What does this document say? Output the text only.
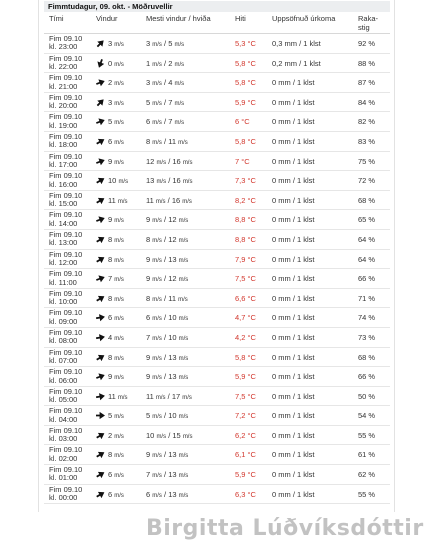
Fimmtudagur, 09. okt. - Möðruvellir
Tími	Vindur	Mesti vindur / hviða	Hiti	Uppsöfnuð úrkoma	Raka-stig
Fim 09.10
kl. 23:00	3 m/s	3 m/s / 5 m/s	5,3 °C 0,3 mm / 1 klst	92 %
Fim 09.10
kl. 22:00	0 m/s	1 m/s / 2 m/s	5,8 °C 0,2 mm / 1 klst	88 %
Fim 09.10
kl. 21:00	2 m/s	3 m/s / 4 m/s	5,8 °C 0 mm / 1 klst	87 %
Fim 09.10
kl. 20:00	3 m/s	5 m/s / 7 m/s	5,9 °C 0 mm / 1 klst	84 %
Fim 09.10
kl. 19:00	5 m/s	6 m/s / 7 m/s	6 °C	0 mm / 1 klst	82 %
Fim 09.10
kl. 18:00	6 m/s	8 m/s / 11 m/s	5,8 °C 0 mm / 1 klst	83 %
Fim 09.10
kl. 17:00	9 m/s	12 m/s / 16 m/s	7 °C	0 mm / 1 klst	75 %
Fim 09.10
kl. 16:00	10 m/s 13 m/s / 16 m/s	7,3 °C 0 mm / 1 klst	72 %
Fim 09.10
kl. 15:00	11 m/s 11 m/s / 16 m/s	8,2 °C 0 mm / 1 klst	68 %
Fim 09.10
kl. 14:00	9 m/s	9 m/s / 12 m/s	8,8 °C 0 mm / 1 klst	65 %
Fim 09.10
kl. 13:00	8 m/s	8 m/s / 12 m/s	8,8 °C 0 mm / 1 klst	64 %
Fim 09.10
kl. 12:00	8 m/s	9 m/s / 13 m/s	7,9 °C 0 mm / 1 klst	64 %
Fim 09.10
kl. 11:00	7 m/s	9 m/s / 12 m/s	7,5 °C 0 mm / 1 klst	66 %
Fim 09.10
kl. 10:00	8 m/s	8 m/s / 11 m/s	6,6 °C 0 mm / 1 klst	71 %
Fim 09.10
kl. 09:00	6 m/s	6 m/s / 10 m/s	4,7 °C 0 mm / 1 klst	74 %
Fim 09.10
kl. 08:00	4 m/s	7 m/s / 10 m/s	4,2 °C 0 mm / 1 klst	73 %
Fim 09.10
kl. 07:00	8 m/s	9 m/s / 13 m/s	5,8 °C 0 mm / 1 klst	68 %
Fim 09.10
kl. 06:00	9 m/s	9 m/s / 13 m/s	5,9 °C 0 mm / 1 klst	66 %
Fim 09.10
kl. 05:00	11 m/s 11 m/s / 17 m/s	7,5 °C 0 mm / 1 klst	50 %
Fim 09.10
kl. 04:00	5 m/s	5 m/s / 10 m/s	7,2 °C 0 mm / 1 klst	54 %
Fim 09.10
kl. 03:00	2 m/s	10 m/s / 15 m/s	6,2 °C 0 mm / 1 klst	55 %
Fim 09.10
kl. 02:00	8 m/s	9 m/s / 13 m/s	6,1 °C 0 mm / 1 klst	61 %
Fim 09.10
kl. 01:00	6 m/s	7 m/s / 13 m/s	5,9 °C 0 mm / 1 klst	62 %
Fim 09.10
kl. 00:00	6 m/s	6 m/s / 13 m/s	6,3 °C 0 mm / 1 klst	55 %
Birgitta Lúðvíksdóttir
